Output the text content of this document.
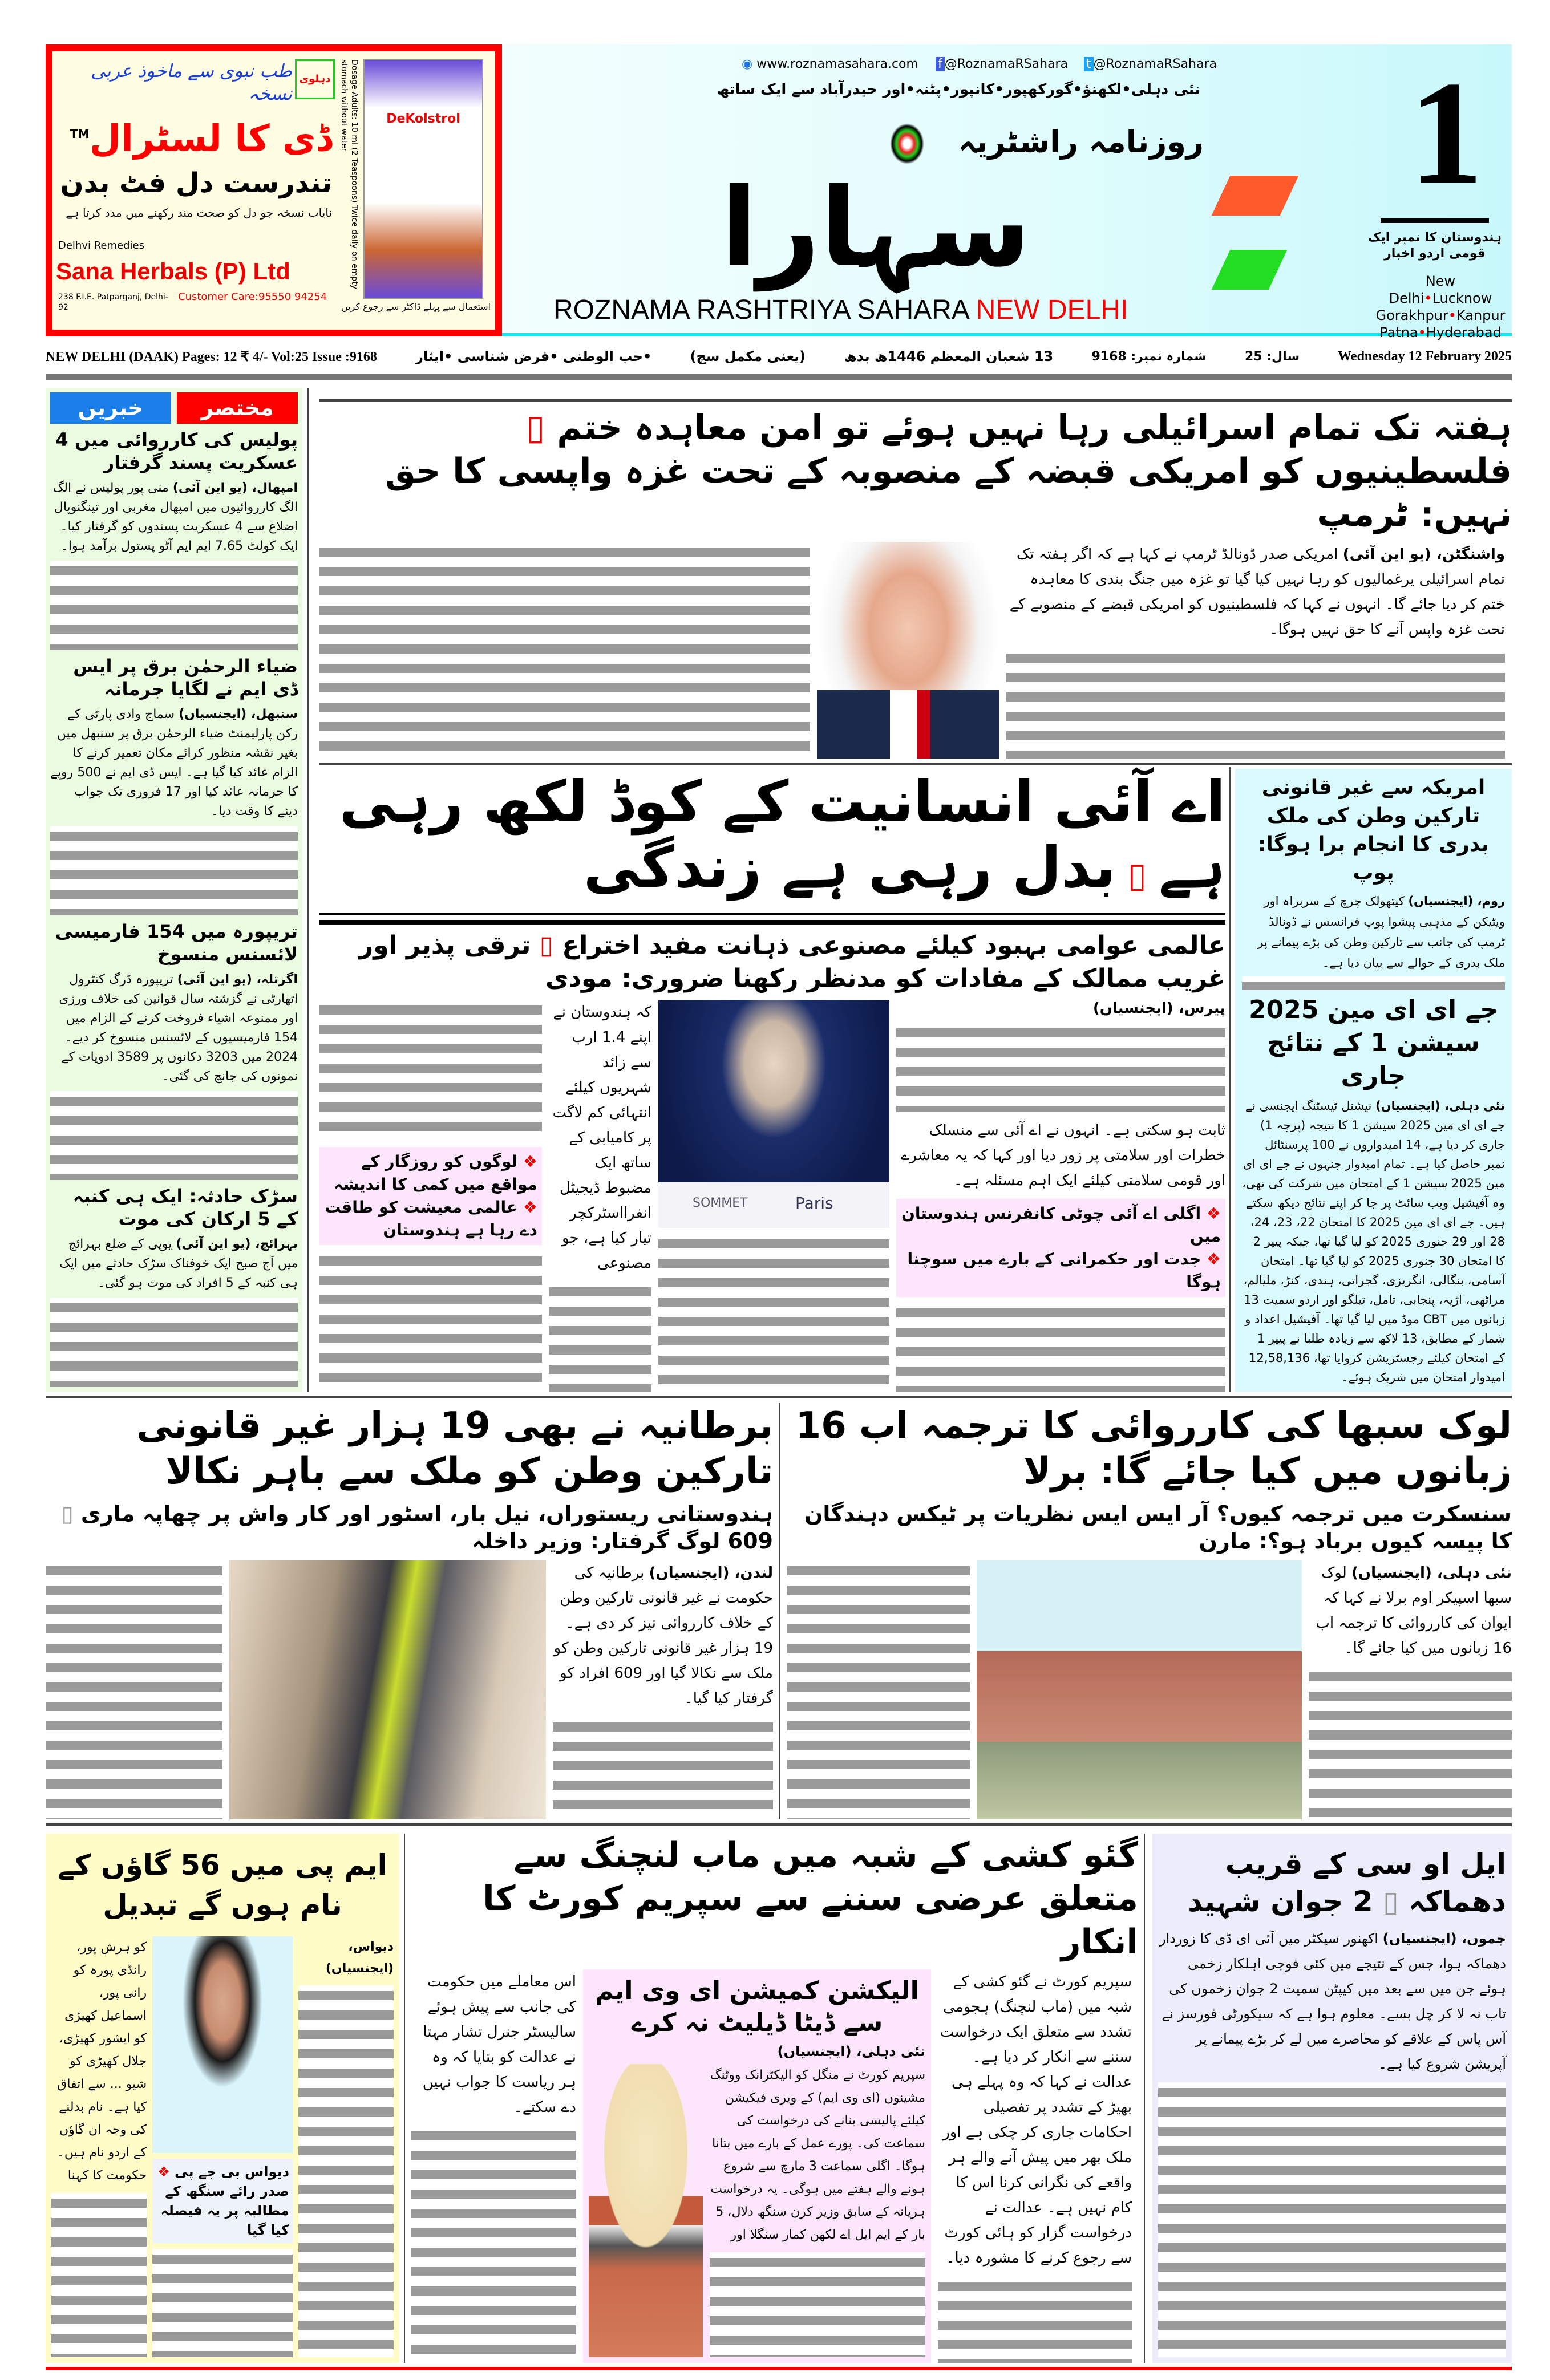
طب نبوی سے ماخوذ عربی نسخہ
دہلوی
ڈی کا لسٹرال™
تندرست دل فٹ بدن
نایاب نسخہ جو دل کو صحت مند رکھنے میں مدد کرتا ہے
Delhvi Remedies
Sana Herbals (P) Ltd
238 F.I.E. Patparganj, Delhi-92
Customer Care:95550 94254
Dosage Adults: 10 ml (2 Teaspoons) Twice daily on empty stomach without water	DeKolstrol
استعمال سے پہلے ڈاکٹر سے رجوع کریں
◉ www.roznamasahara.com f @RoznamaRSahara t @RoznamaRSahara
نئی دہلی•لکھنؤ•گورکھپور•کانپور•پٹنہ•اور حیدرآباد سے ایک ساتھ
روزنامہ راشٹریہ
سہارا
ROZNAMA RASHTRIYA SAHARA NEW DELHI
1
ہندوستان کا نمبر ایک قومی اردو اخبار
New Delhi•Lucknow
Gorakhpur•Kanpur
Patna•Hyderabad
NEW DELHI (DAAK) Pages: 12 ₹ 4/- Vol:25 Issue :9168	•حب الوطنی •فرض شناسی •ایثار	(یعنی مکمل سچ)	13 شعبان المعظم 1446ھ بدھ	شمارہ نمبر: 9168	سال: 25	Wednesday 12 February 2025
خبریں	مختصر
پولیس کی کارروائی میں 4 عسکریت پسند گرفتار
امپھال، (یو این آئی) منی پور پولیس نے الگ الگ کارروائیوں میں امپھال مغربی اور تینگنوپال اضلاع سے 4 عسکریت پسندوں کو گرفتار کیا۔ ایک کولٹ 7.65 ایم ایم آٹو پستول برآمد ہوا۔
ضیاء الرحمٰن برق پر ایس ڈی ایم نے لگایا جرمانہ
سنبھل، (ایجنسیاں) سماج وادی پارٹی کے رکن پارلیمنٹ ضیاء الرحمٰن برق پر سنبھل میں بغیر نقشہ منظور کرائے مکان تعمیر کرنے کا الزام عائد کیا گیا ہے۔ ایس ڈی ایم نے 500 روپے کا جرمانہ عائد کیا اور 17 فروری تک جواب دینے کا وقت دیا۔
تریپورہ میں 154 فارمیسی لائسنس منسوخ
اگرتلہ، (یو این آئی) تریپورہ ڈرگ کنٹرول اتھارٹی نے گزشتہ سال قوانین کی خلاف ورزی اور ممنوعہ اشیاء فروخت کرنے کے الزام میں 154 فارمیسیوں کے لائسنس منسوخ کر دیے۔ 2024 میں 3203 دکانوں پر 3589 ادویات کے نمونوں کی جانچ کی گئی۔
سڑک حادثہ: ایک ہی کنبہ کے 5 ارکان کی موت
بہرائچ، (یو این آئی) یوپی کے ضلع بہرائچ میں آج صبح ایک خوفناک سڑک حادثے میں ایک ہی کنبہ کے 5 افراد کی موت ہو گئی۔
ہفتہ تک تمام اسرائیلی رہا نہیں ہوئے تو امن معاہدہ ختم ▯ فلسطینیوں کو امریکی قبضہ کے منصوبہ کے تحت غزہ واپسی کا حق نہیں: ٹرمپ
واشنگٹن، (یو این آئی) امریکی صدر ڈونالڈ ٹرمپ نے کہا ہے کہ اگر ہفتہ تک تمام اسرائیلی یرغمالیوں کو رہا نہیں کیا گیا تو غزہ میں جنگ بندی کا معاہدہ ختم کر دیا جائے گا۔ انہوں نے کہا کہ فلسطینیوں کو امریکی قبضے کے منصوبے کے تحت غزہ واپس آنے کا حق نہیں ہوگا۔
اے آئی انسانیت کے کوڈ لکھ رہی ہے ▯ بدل رہی ہے زندگی
عالمی عوامی بہبود کیلئے مصنوعی ذہانت مفید اختراع ▯ ترقی پذیر اور غریب ممالک کے مفادات کو مدنظر رکھنا ضروری: مودی
❖ لوگوں کو روزگار کے مواقع میں کمی کا اندیشہ
❖ عالمی معیشت کو طاقت دے رہا ہے ہندوستان
کہ ہندوستان نے اپنے 1.4 ارب سے زائد شہریوں کیلئے انتہائی کم لاگت پر کامیابی کے ساتھ ایک مضبوط ڈیجیٹل انفرااسٹرکچر تیار کیا ہے، جو مصنوعی
SOMMET	Paris
پیرس، (ایجنسیاں)
ثابت ہو سکتی ہے۔ انہوں نے اے آئی سے منسلک خطرات اور سلامتی پر زور دیا اور کہا کہ یہ معاشرے اور قومی سلامتی کیلئے ایک اہم مسئلہ ہے۔
❖ اگلی اے آئی چوٹی کانفرنس ہندوستان میں
❖ جدت اور حکمرانی کے بارے میں سوچنا ہوگا
امریکہ سے غیر قانونی تارکین وطن کی ملک بدری کا انجام برا ہوگا: پوپ
روم، (ایجنسیاں) کیتھولک چرچ کے سربراہ اور ویٹیکن کے مذہبی پیشوا پوپ فرانسس نے ڈونالڈ ٹرمپ کی جانب سے تارکین وطن کی بڑے پیمانے پر ملک بدری کے حوالے سے بیان دیا ہے۔
جے ای ای مین 2025 سیشن 1 کے نتائج جاری
نئی دہلی، (ایجنسیاں) نیشنل ٹیسٹنگ ایجنسی نے جے ای ای مین 2025 سیشن 1 کا نتیجہ (پرچہ 1) جاری کر دیا ہے، 14 امیدواروں نے 100 پرسنٹائل نمبر حاصل کیا ہے۔ تمام امیدوار جنہوں نے جے ای ای مین 2025 سیشن 1 کے امتحان میں شرکت کی تھی، وہ آفیشیل ویب سائٹ پر جا کر اپنے نتائج دیکھ سکتے ہیں۔ جے ای ای مین 2025 کا امتحان 22، 23، 24، 28 اور 29 جنوری 2025 کو لیا گیا تھا، جبکہ پیپر 2 کا امتحان 30 جنوری 2025 کو لیا گیا تھا۔ امتحان آسامی، بنگالی، انگریزی، گجراتی، ہندی، کنڑ، ملیالم، مراٹھی، اڑیہ، پنجابی، تامل، تیلگو اور اردو سمیت 13 زبانوں میں CBT موڈ میں لیا گیا تھا۔ آفیشیل اعداد و شمار کے مطابق، 13 لاکھ سے زیادہ طلبا نے پیپر 1 کے امتحان کیلئے رجسٹریشن کروایا تھا، 12,58,136 امیدوار امتحان میں شریک ہوئے۔
برطانیہ نے بھی 19 ہزار غیر قانونی تارکین وطن کو ملک سے باہر نکالا
ہندوستانی ریستوراں، نیل بار، اسٹور اور کار واش پر چھاپہ ماری ▯ 609 لوگ گرفتار: وزیر داخلہ
لندن، (ایجنسیاں) برطانیہ کی حکومت نے غیر قانونی تارکین وطن کے خلاف کارروائی تیز کر دی ہے۔ 19 ہزار غیر قانونی تارکین وطن کو ملک سے نکالا گیا اور 609 افراد کو گرفتار کیا گیا۔
لوک سبھا کی کارروائی کا ترجمہ اب 16 زبانوں میں کیا جائے گا: برلا
سنسکرت میں ترجمہ کیوں؟ آر ایس ایس نظریات پر ٹیکس دہندگان کا پیسہ کیوں برباد ہو؟: مارن
نئی دہلی، (ایجنسیاں) لوک سبھا اسپیکر اوم برلا نے کہا کہ ایوان کی کارروائی کا ترجمہ اب 16 زبانوں میں کیا جائے گا۔
ایم پی میں 56 گاؤں کے نام ہوں گے تبدیل
کو ہرش پور، رانڈی پورہ کو رانی پور، اسماعیل کھیڑی کو ایشور کھیڑی، جلال کھیڑی کو شیو ... سے اتفاق کیا ہے۔ نام بدلنے کی وجہ ان گاؤں کے اردو نام ہیں۔ حکومت کا کہنا ❖ دیواس بی جے پی صدر رائے سنگھ کے مطالبہ پر یہ فیصلہ کیا گیا
دیواس، (ایجنسیاں)
گئو کشی کے شبہ میں ماب لنچنگ سے متعلق عرضی سننے سے سپریم کورٹ کا انکار
اس معاملے میں حکومت کی جانب سے پیش ہوئے سالیسٹر جنرل تشار مہتا نے عدالت کو بتایا کہ وہ ہر ریاست کا جواب نہیں دے سکتے۔
الیکشن کمیشن ای وی ایم سے ڈیٹا ڈیلیٹ نہ کرے
نئی دہلی، (ایجنسیاں)
سپریم کورٹ نے منگل کو الیکٹرانک ووٹنگ مشینوں (ای وی ایم) کے ویری فیکیشن کیلئے پالیسی بنانے کی درخواست کی سماعت کی۔ پورے عمل کے بارے میں بتانا ہوگا۔ اگلی سماعت 3 مارچ سے شروع ہونے والے ہفتے میں ہوگی۔ یہ درخواست ہریانہ کے سابق وزیر کرن سنگھ دلال، 5 بار کے ایم ایل اے لکھن کمار سنگلا اور
سپریم کورٹ نے گئو کشی کے شبہ میں (ماب لنچنگ) ہجومی تشدد سے متعلق ایک درخواست سننے سے انکار کر دیا ہے۔ عدالت نے کہا کہ وہ پہلے ہی بھیڑ کے تشدد پر تفصیلی احکامات جاری کر چکی ہے اور ملک بھر میں پیش آنے والے ہر واقعے کی نگرانی کرنا اس کا کام نہیں ہے۔ عدالت نے درخواست گزار کو ہائی کورٹ سے رجوع کرنے کا مشورہ دیا۔
ایل او سی کے قریب دھماکہ ▯ 2 جوان شہید
جموں، (ایجنسیاں) اکھنور سیکٹر میں آئی ای ڈی کا زوردار دھماکہ ہوا، جس کے نتیجے میں کئی فوجی اہلکار زخمی ہوئے جن میں سے بعد میں کیپٹن سمیت 2 جوان زخموں کی تاب نہ لا کر چل بسے۔ معلوم ہوا ہے کہ سیکورٹی فورسز نے آس پاس کے علاقے کو محاصرے میں لے کر بڑے پیمانے پر آپریشن شروع کیا ہے۔
